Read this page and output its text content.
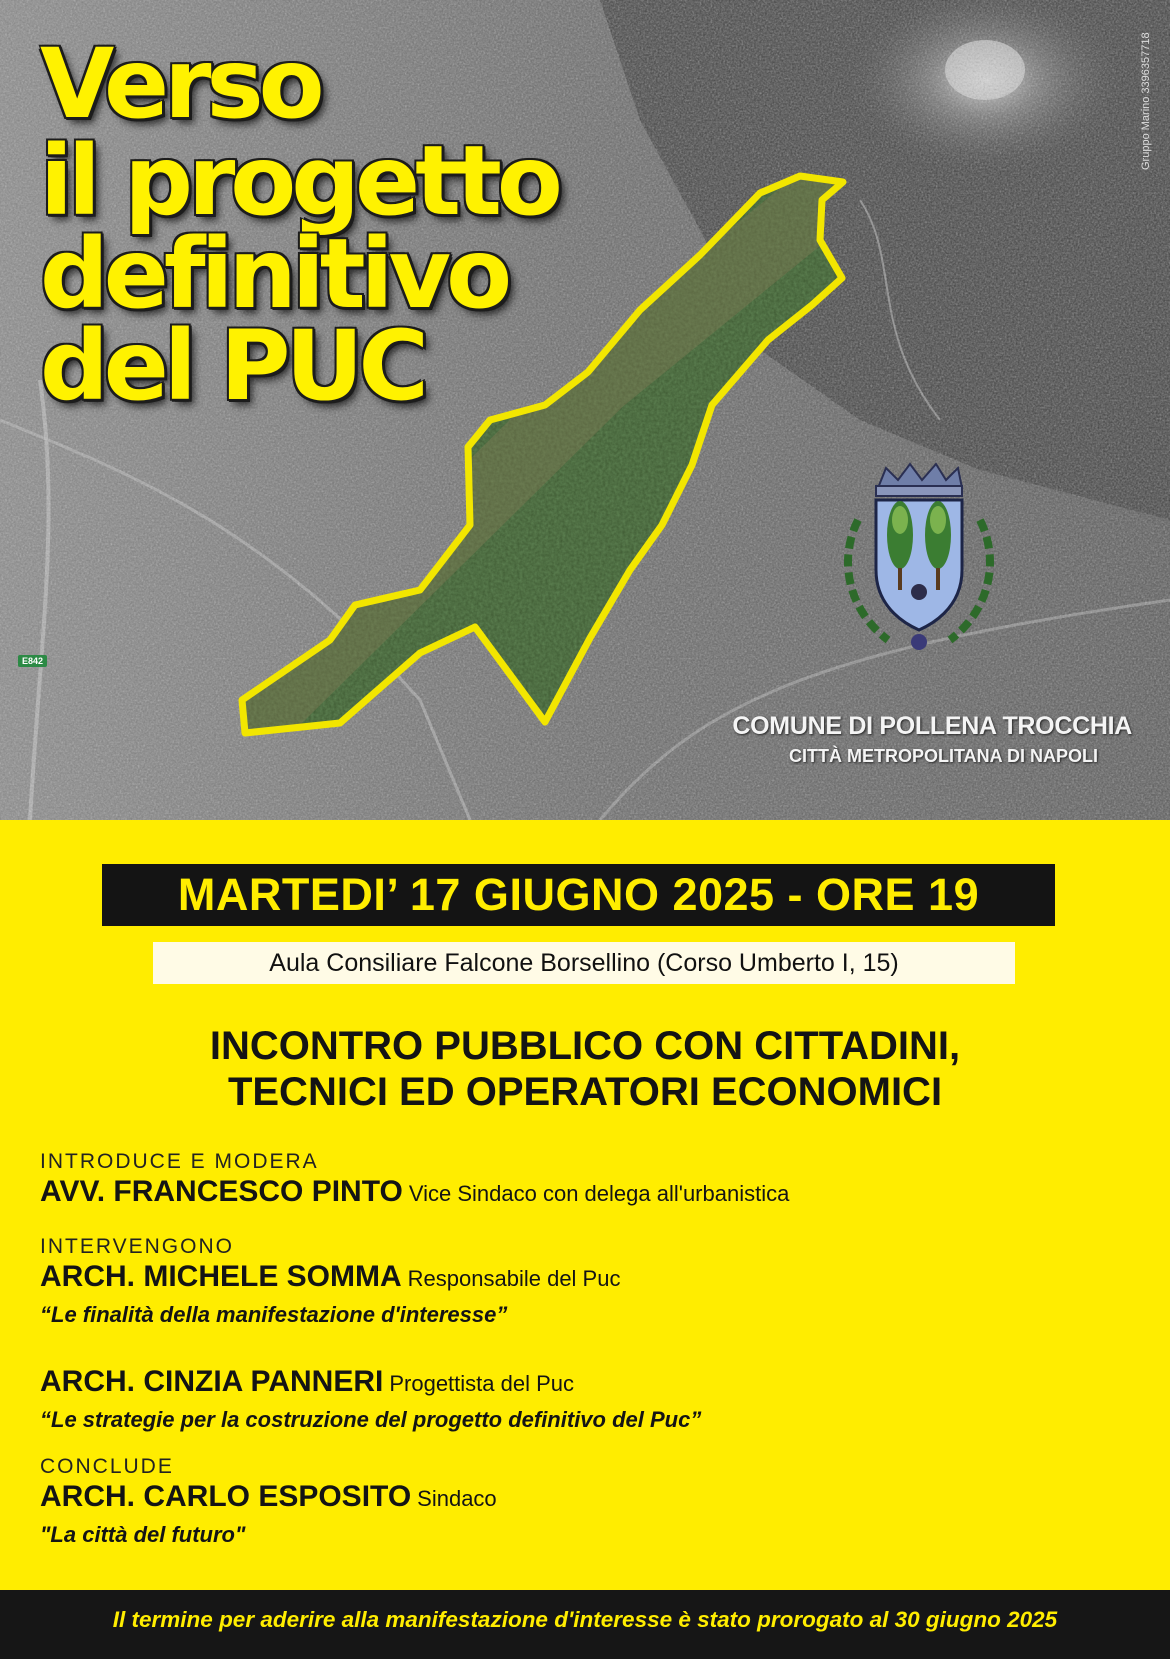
Verso
il progetto
definitivo
del PUC
Gruppo Marino 3396357718
E842
COMUNE DI POLLENA TROCCHIA
CITTÀ METROPOLITANA DI NAPOLI
MARTEDI’ 17 GIUGNO 2025 - ORE 19
Aula Consiliare Falcone Borsellino (Corso Umberto I, 15)
INCONTRO PUBBLICO CON CITTADINI,
TECNICI ED OPERATORI ECONOMICI
INTRODUCE E MODERA
AVV. FRANCESCO PINTO Vice Sindaco con delega all'urbanistica
INTERVENGONO
ARCH. MICHELE SOMMA Responsabile del Puc
“Le finalità della manifestazione d'interesse”
ARCH. CINZIA PANNERI Progettista del Puc
“Le strategie per la costruzione del progetto definitivo del Puc”
CONCLUDE
ARCH. CARLO ESPOSITO Sindaco
"La città del futuro"
Il termine per aderire alla manifestazione d'interesse è stato prorogato al 30 giugno 2025
